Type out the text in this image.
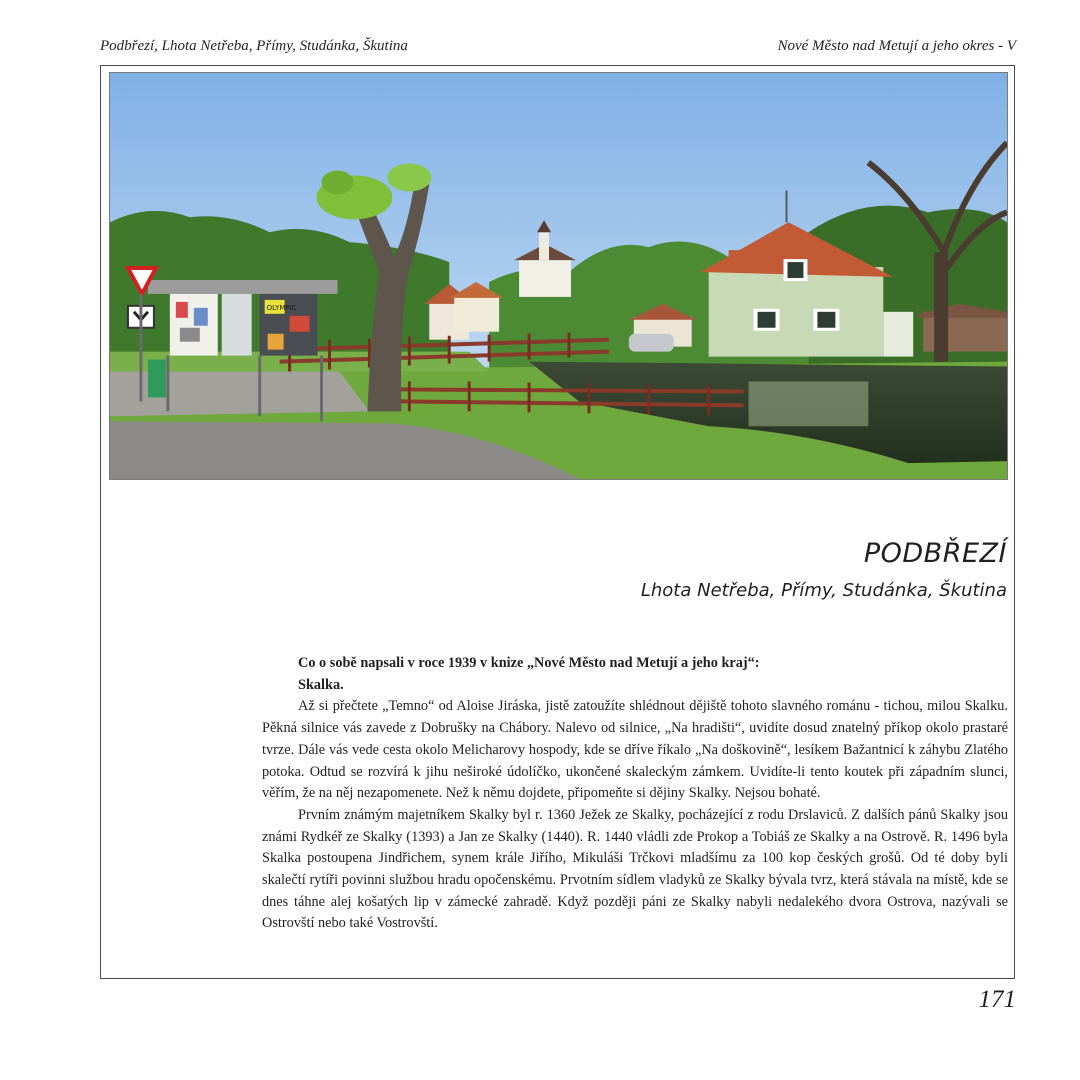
Podbřezí, Lhota Netřeba, Přímy, Studánka, Škutina	Nové Město nad Metují a jeho okres - V
OLYMPIC
PODBŘEZÍ
Lhota Netřeba, Přímy, Studánka, Škutina

Co o sobě napsali v roce 1939 v knize „Nové Město nad Metují a jeho kraj“:

Skalka.

Až si přečtete „Temno“ od Aloise Jiráska, jistě zatoužíte shlédnout dějiště tohoto slavného románu - tichou, milou Skalku. Pěkná silnice vás zavede z Dobrušky na Chábory. Nalevo od silnice, „Na hradišti“, uvidíte dosud znatelný příkop okolo prastaré tvrze. Dále vás vede cesta okolo Melicharovy hospody, kde se dříve říkalo „Na doškovině“, lesíkem Bažantnicí k záhybu Zlatého potoka. Odtud se rozvírá k jihu neširoké údolíčko, ukončené skaleckým zámkem. Uvidíte-li tento koutek při západním slunci, věřím, že na něj nezapomenete. Než k němu dojdete, připomeňte si dějiny Skalky. Nejsou bohaté.

Prvním známým majetníkem Skalky byl r. 1360 Ježek ze Skalky, pocházející z rodu Drslaviců. Z dalších pánů Skalky jsou známi Rydkéř ze Skalky (1393) a Jan ze Skalky (1440). R. 1440 vládli zde Prokop a Tobiáš ze Skalky a na Ostrově. R. 1496 byla Skalka postoupena Jindřichem, synem krále Jiřího, Mikuláši Trčkovi mladšímu za 100 kop českých grošů. Od té doby byli skalečtí rytíři povinni službou hradu opočenskému. Prvotním sídlem vladyků ze Skalky bývala tvrz, která stávala na místě, kde se dnes táhne alej košatých lip v zámecké zahradě. Když později páni ze Skalky nabyli nedalekého dvora Ostrova, nazývali se Ostrovští nebo také Vostrovští.

171
